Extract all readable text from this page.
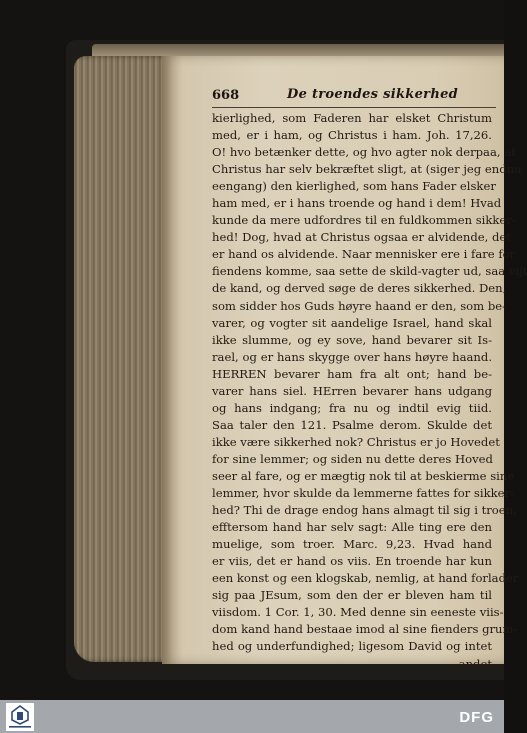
668	De troendes sikkerhed
kierlighed, som Faderen har elsket Christum
med, er i ham, og Christus i ham. Joh. 17,26.
O! hvo betænker dette, og hvo agter nok derpaa, at
Christus har selv bekræftet sligt, at (siger jeg endnu
eengang) den kierlighed, som hans Fader elsker
ham med, er i hans troende og hand i dem! Hvad
kunde da mere udfordres til en fuldkommen sikker-
hed! Dog, hvad at Christus ogsaa er alvidende, det
er hand os alvidende. Naar mennisker ere i fare for
fiendens komme, saa sette de skild-vagter ud, saa vijt
de kand, og derved søge de deres sikkerhed. Den,
som sidder hos Guds høyre haand er den, som be-
varer, og vogter sit aandelige Israel, hand skal
ikke slumme, og ey sove, hand bevarer sit Is-
rael, og er hans skygge over hans høyre haand.
HERREN bevarer ham fra alt ont; hand be-
varer hans siel. HErren bevarer hans udgang
og hans indgang; fra nu og indtil evig tiid.
Saa taler den 121. Psalme derom. Skulde det
ikke være sikkerhed nok? Christus er jo Hovedet
for sine lemmer; og siden nu dette deres Hoved
seer al fare, og er mægtig nok til at beskierme sine
lemmer, hvor skulde da lemmerne fattes for sikker-
hed? Thi de drage endog hans almagt til sig i troen,
efftersom hand har selv sagt: Alle ting ere den
muelige, som troer. Marc. 9,23. Hvad hand
er viis, det er hand os viis. En troende har kun
een konst og een klogskab, nemlig, at hand forlader
sig paa JEsum, som den der er bleven ham til
viisdom. 1 Cor. 1, 30. Med denne sin eeneste viis-
dom kand hand bestaae imod al sine fienders grum-
hed og underfundighed; ligesom David og intet
andet
DFG
